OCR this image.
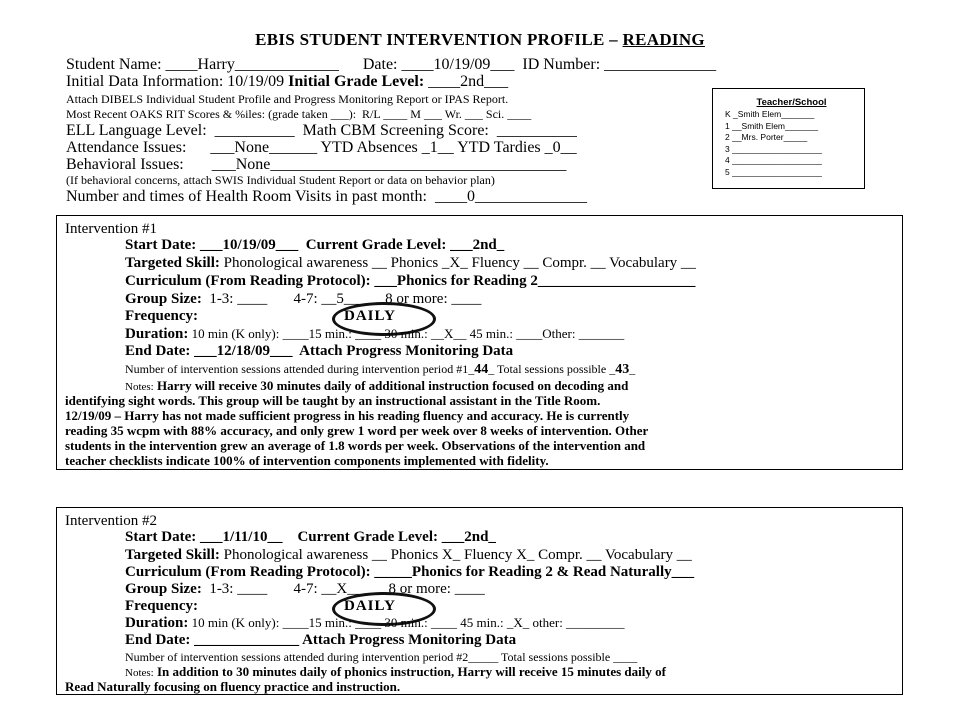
EBIS STUDENT INTERVENTION PROFILE – READING
Student Name: ____Harry_____________      Date: ____10/19/09___  ID Number: ______________
Initial Data Information: 10/19/09 Initial Grade Level: ____2nd___
Attach DIBELS Individual Student Profile and Progress Monitoring Report or IPAS Report.
Most Recent OAKS RIT Scores & %iles: (grade taken ___):  R/L ____ M ___ Wr. ___ Sci. ____
ELL Language Level:  __________  Math CBM Screening Score:  __________
Attendance Issues:      ___None______ YTD Absences _1__ YTD Tardies _0__
Behavioral Issues:       ___None_____________________________________
(If behavioral concerns, attach SWIS Individual Student Report or data on behavior plan)
Number and times of Health Room Visits in past month:  ____0______________
Teacher/School
K _Smith Elem_______
1 __Smith Elem_______
2 __Mrs. Porter_____
3 ___________________
4 ___________________
5 ___________________
Intervention #1
Start Date: ___10/19/09___  Current Grade Level: ___2nd_
Targeted Skill: Phonological awareness __ Phonics _X_ Fluency __ Compr. __ Vocabulary __
Curriculum (From Reading Protocol): ___Phonics for Reading 2_____________________
Group Size:  1-3: ____       4-7: __5___     8 or more: ____
Frequency:	DAILY
Duration: 10 min (K only): ____15 min.: ____ 30 min.: __X__ 45 min.: ____Other: _______
End Date: ___12/18/09___  Attach Progress Monitoring Data
Number of intervention sessions attended during intervention period #1_44_ Total sessions possible _43_
Notes: Harry will receive 30 minutes daily of additional instruction focused on decoding and
identifying sight words. This group will be taught by an instructional assistant in the Title Room.
12/19/09 – Harry has not made sufficient progress in his reading fluency and accuracy. He is currently
reading 35 wcpm with 88% accuracy, and only grew 1 word per week over 8 weeks of intervention. Other
students in the intervention grew an average of 1.8 words per week. Observations of the intervention and
teacher checklists indicate 100% of intervention components implemented with fidelity.
Intervention #2
Start Date: ___1/11/10__    Current Grade Level: ___2nd_
Targeted Skill: Phonological awareness __ Phonics X_ Fluency X_ Compr. __ Vocabulary __
Curriculum (From Reading Protocol): _____Phonics for Reading 2 & Read Naturally___
Group Size:  1-3: ____       4-7: __X___     8 or more: ____
Frequency:	DAILY
Duration: 10 min (K only): ____15 min.: ____ 30 min.: ____ 45 min.: _X_ other: _________
End Date: ______________ Attach Progress Monitoring Data
Number of intervention sessions attended during intervention period #2_____ Total sessions possible ____
Notes: In addition to 30 minutes daily of phonics instruction, Harry will receive 15 minutes daily of
Read Naturally focusing on fluency practice and instruction.
